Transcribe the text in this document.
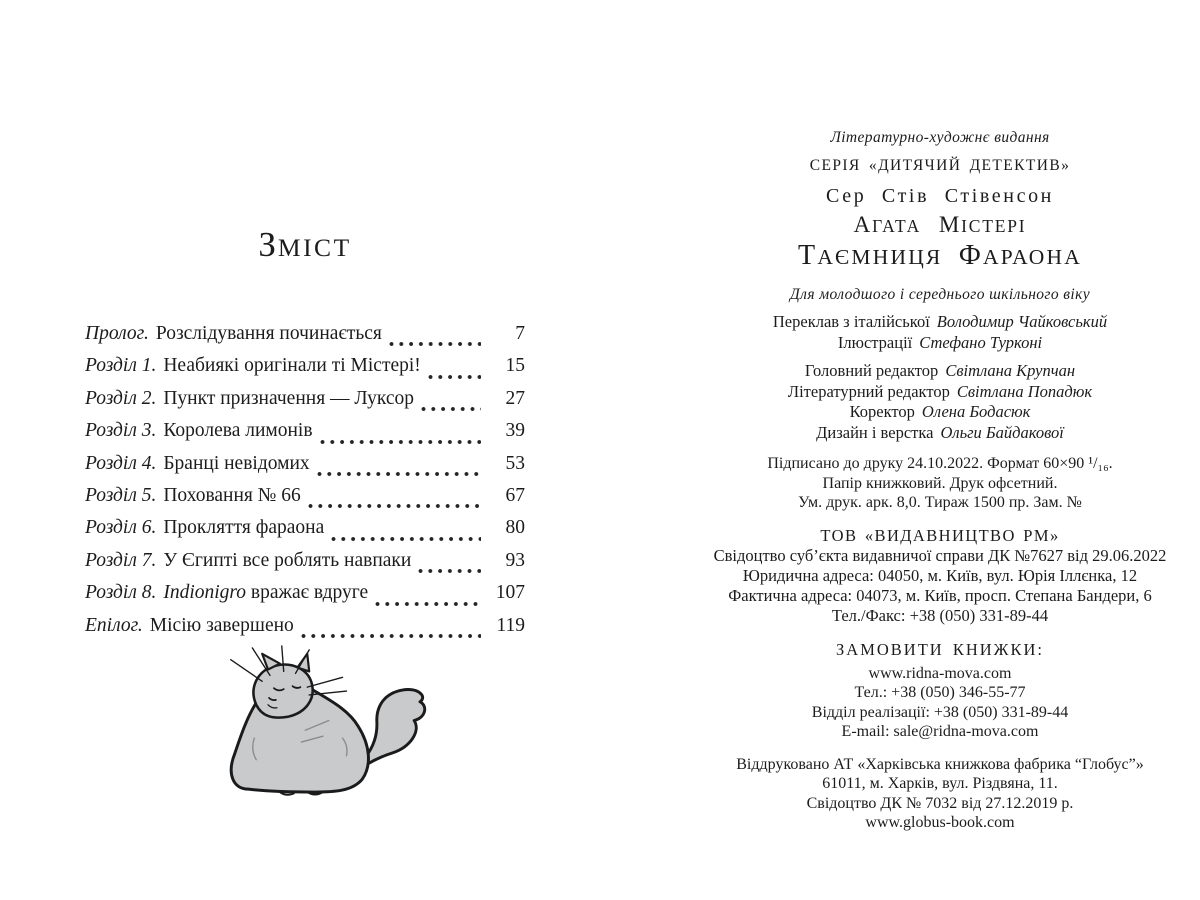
ЗМІСТ
Пролог. Розслідування починається	7
Розділ 1. Неабиякі оригінали ті Містері!	15
Розділ 2. Пункт призначення — Луксор	27
Розділ 3. Королева лимонів	39
Розділ 4. Бранці невідомих	53
Розділ 5. Поховання № 66	67
Розділ 6. Прокляття фараона	80
Розділ 7. У Єгипті все роблять навпаки	93
Розділ 8. Indionigro вражає вдруге	107
Епілог. Місію завершено	119
Літературно-художнє видання
СЕРІЯ «ДИТЯЧИЙ ДЕТЕКТИВ»
Сер Стів Стівенсон
АГАТА МІСТЕРІ
ТАЄМНИЦЯ ФАРАОНА
Для молодшого і середнього шкільного віку
Переклав з італійської Володимир Чайковський
Ілюстрації Стефано Турконі
Головний редактор Світлана Крупчан
Літературний редактор Світлана Попадюк
Коректор Олена Бодасюк
Дизайн і верстка Ольги Байдакової
Підписано до друку 24.10.2022. Формат 60×90 ¹/₁₆.
Папір книжковий. Друк офсетний.
Ум. друк. арк. 8,0. Тираж 1500 пр. Зам. №
ТОВ «ВИДАВНИЦТВО РМ»
Свідоцтво суб’єкта видавничої справи ДК №7627 від 29.06.2022
Юридична адреса: 04050, м. Київ, вул. Юрія Іллєнка, 12
Фактична адреса: 04073, м. Київ, просп. Степана Бандери, 6
Тел./Факс: +38 (050) 331-89-44
ЗАМОВИТИ КНИЖКИ:
www.ridna-mova.com
Тел.: +38 (050) 346-55-77
Відділ реалізації: +38 (050) 331-89-44
E-mail: sale@ridna-mova.com
Віддруковано АТ «Харківська книжкова фабрика “Глобус”»
61011, м. Харків, вул. Різдвяна, 11.
Свідоцтво ДК № 7032 від 27.12.2019 р.
www.globus-book.com
